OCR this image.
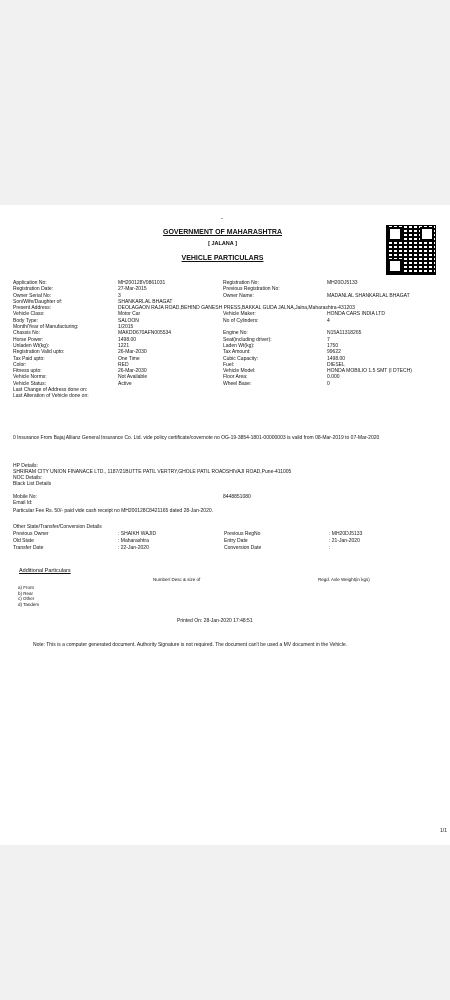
-
GOVERNMENT OF MAHARASHTRA
[ JALANA ]
VEHICLE PARTICULARS
Application No:	MH200128V0861031	Registration No:	MH20DJ5133
Registration Date:	27-Mar-2015	Previous Registration No:
Owner Serial No:	3	Owner Name:	MADANLAL SHANKARLAL BHAGAT
Son/Wife/Daughter of:	SHANKARLAL BHAGAT
Present Address:	DEOLAGAON RAJA ROAD,BEHIND GANESH PRESS,BAKKAL GUDA JALNA,Jalna,Maharashtra-431203
Vehicle Class:	Motor Car	Vehicle Maker:	HONDA CARS INDIA LTD
Body Type:	SALOON	No of Cylinders:	4
Month/Year of Manufacturing:	1/2015
Chassis No:	MAKDD670AFN005534	Engine No:	N15A11318265
Horse Power:	1498.00	Seat(including driver):	7
Unladen Wt(kg):	1221	Laden Wt(kg):	1750
Registration Valid upto:	26-Mar-2030	Tax Amount:	99622
Tax Paid upto:	One Time	Cubic Capacity:	1498.00
Color:	RED	Fuel:	DIESEL
Fitness upto:	26-Mar-2030	Vehicle Model:	HONDA MOBILIO 1.5 SMT (I DTECH)
Vehicle Norms:	Not Available	Floor Area:	0.000
Vehicle Status:	Active	Wheel Base:	0
Last Change of Address done on:
Last Alteration of Vehicle done on:
0 Insurance From Bajaj Allianz General Insurance Co. Ltd. vide policy certificate/covernote no OG-19-3854-1801-00000003 is valid from 08-Mar-2019 to 07-Mar-2020
HP Details:
SHRIRAM CITY UNION FINANACE LTD., 1187/21BUTTE PATIL VERTRY,GHOLE PATIL ROADSHIVAJI ROAD,Pune-411005
NOC Details:
Black List Details
Mobile No:	8448851080
Email Id:
Particular Fee Rs. 50/- paid vide cash receipt no MH200128C8421165 dated 28-Jan-2020.
Other State/Transfer/Conversion Details
Previous Owner	: SHAIKH WAJID	Previous RegNo	: MH20DJ5133
Old State	: Maharashtra	Entry Date	: 21-Jan-2020
Transfer Date	: 22-Jan-2020	Conversion Date	:
Additional Particulars
Number/ Desc & size of	Regd. Axle Weight(in kgs)
a) Front
b) Rear
c) Other
d) Tandem
Printed On: 28-Jan-2020 17:48:51
Note: This is a computer generated document. Authority Signature is not required. The document can't be used a MV document in the Vehicle.
1/1
